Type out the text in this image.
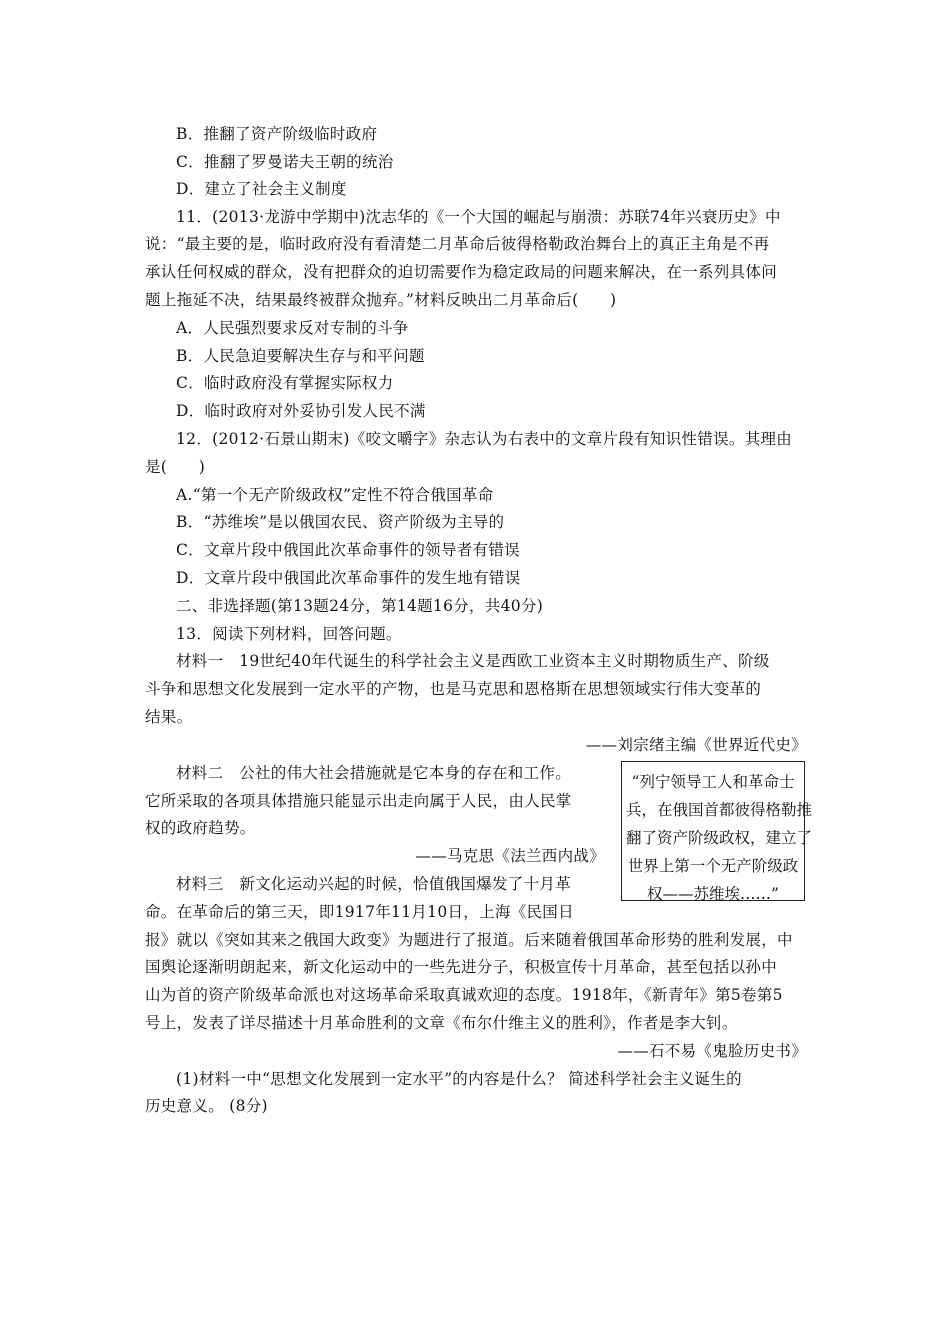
B．推翻了资产阶级临时政府
C．推翻了罗曼诺夫王朝的统治
D．建立了社会主义制度
11．(2013·龙游中学期中)沈志华的《一个大国的崛起与崩溃：苏联74年兴衰历史》中
说：“最主要的是，临时政府没有看清楚二月革命后彼得格勒政治舞台上的真正主角是不再
承认任何权威的群众，没有把群众的迫切需要作为稳定政局的问题来解决，在一系列具体问
题上拖延不决，结果最终被群众抛弃。”材料反映出二月革命后(　　)
A．人民强烈要求反对专制的斗争
B．人民急迫要解决生存与和平问题
C．临时政府没有掌握实际权力
D．临时政府对外妥协引发人民不满
12．(2012·石景山期末)《咬文嚼字》杂志认为右表中的文章片段有知识性错误。其理由
是(　　)
A.“第一个无产阶级政权”定性不符合俄国革命
B．“苏维埃”是以俄国农民、资产阶级为主导的
C．文章片段中俄国此次革命事件的领导者有错误
D．文章片段中俄国此次革命事件的发生地有错误
二、非选择题(第13题24分，第14题16分，共40分)
13．阅读下列材料，回答问题。
材料一　19世纪40年代诞生的科学社会主义是西欧工业资本主义时期物质生产、阶级
斗争和思想文化发展到一定水平的产物，也是马克思和恩格斯在思想领域实行伟大变革的
结果。
——刘宗绪主编《世界近代史》
材料二　公社的伟大社会措施就是它本身的存在和工作。
它所采取的各项具体措施只能显示出走向属于人民，由人民掌
权的政府趋势。
——马克思《法兰西内战》
材料三　新文化运动兴起的时候，恰值俄国爆发了十月革
命。在革命后的第三天，即1917年11月10日，上海《民国日
报》就以《突如其来之俄国大政变》为题进行了报道。后来随着俄国革命形势的胜利发展，中
国舆论逐渐明朗起来，新文化运动中的一些先进分子，积极宣传十月革命，甚至包括以孙中
山为首的资产阶级革命派也对这场革命采取真诚欢迎的态度。1918年，《新青年》第5卷第5
号上，发表了详尽描述十月革命胜利的文章《布尔什维主义的胜利》，作者是李大钊。
——石不易《鬼脸历史书》
(1)材料一中“思想文化发展到一定水平”的内容是什么？ 简述科学社会主义诞生的
历史意义。 (8分)
“列宁领导工人和革命士
兵，在俄国首都彼得格勒推
翻了资产阶级政权，建立了
世界上第一个无产阶级政
权——苏维埃……”
